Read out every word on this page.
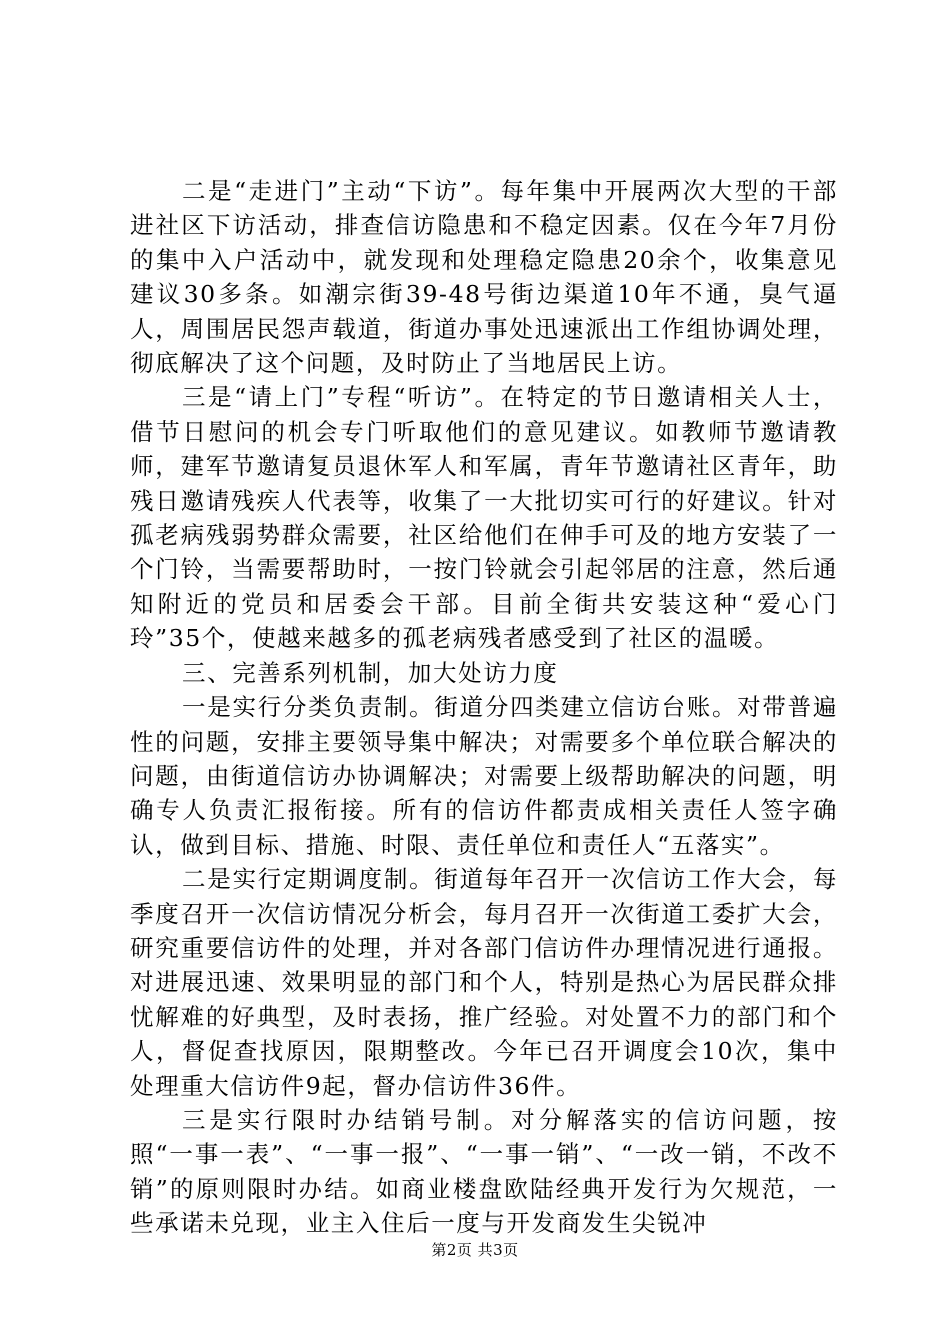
二是“走进门”主动“下访”。每年集中开展两次大型的干部进社区下访活动，排查信访隐患和不稳定因素。仅在今年7月份的集中入户活动中，就发现和处理稳定隐患20余个，收集意见建议30多条。如潮宗街39-48号街边渠道10年不通，臭气逼人，周围居民怨声载道，街道办事处迅速派出工作组协调处理，彻底解决了这个问题，及时防止了当地居民上访。

三是“请上门”专程“听访”。在特定的节日邀请相关人士，借节日慰问的机会专门听取他们的意见建议。如教师节邀请教师，建军节邀请复员退休军人和军属，青年节邀请社区青年，助残日邀请残疾人代表等，收集了一大批切实可行的好建议。针对孤老病残弱势群众需要，社区给他们在伸手可及的地方安装了一个门铃，当需要帮助时，一按门铃就会引起邻居的注意，然后通知附近的党员和居委会干部。目前全街共安装这种“爱心门玲”35个，使越来越多的孤老病残者感受到了社区的温暖。

三、完善系列机制，加大处访力度

一是实行分类负责制。街道分四类建立信访台账。对带普遍性的问题，安排主要领导集中解决；对需要多个单位联合解决的问题，由街道信访办协调解决；对需要上级帮助解决的问题，明确专人负责汇报衔接。所有的信访件都责成相关责任人签字确认，做到目标、措施、时限、责任单位和责任人“五落实”。

二是实行定期调度制。街道每年召开一次信访工作大会，每季度召开一次信访情况分析会，每月召开一次街道工委扩大会，研究重要信访件的处理，并对各部门信访件办理情况进行通报。对进展迅速、效果明显的部门和个人，特别是热心为居民群众排忧解难的好典型，及时表扬，推广经验。对处置不力的部门和个人，督促查找原因，限期整改。今年已召开调度会10次，集中处理重大信访件9起，督办信访件36件。

三是实行限时办结销号制。对分解落实的信访问题，按照“一事一表”、“一事一报”、“一事一销”、“一改一销，不改不销”的原则限时办结。如商业楼盘欧陆经典开发行为欠规范，一些承诺未兑现，业主入住后一度与开发商发生尖锐冲

第2页 共3页
